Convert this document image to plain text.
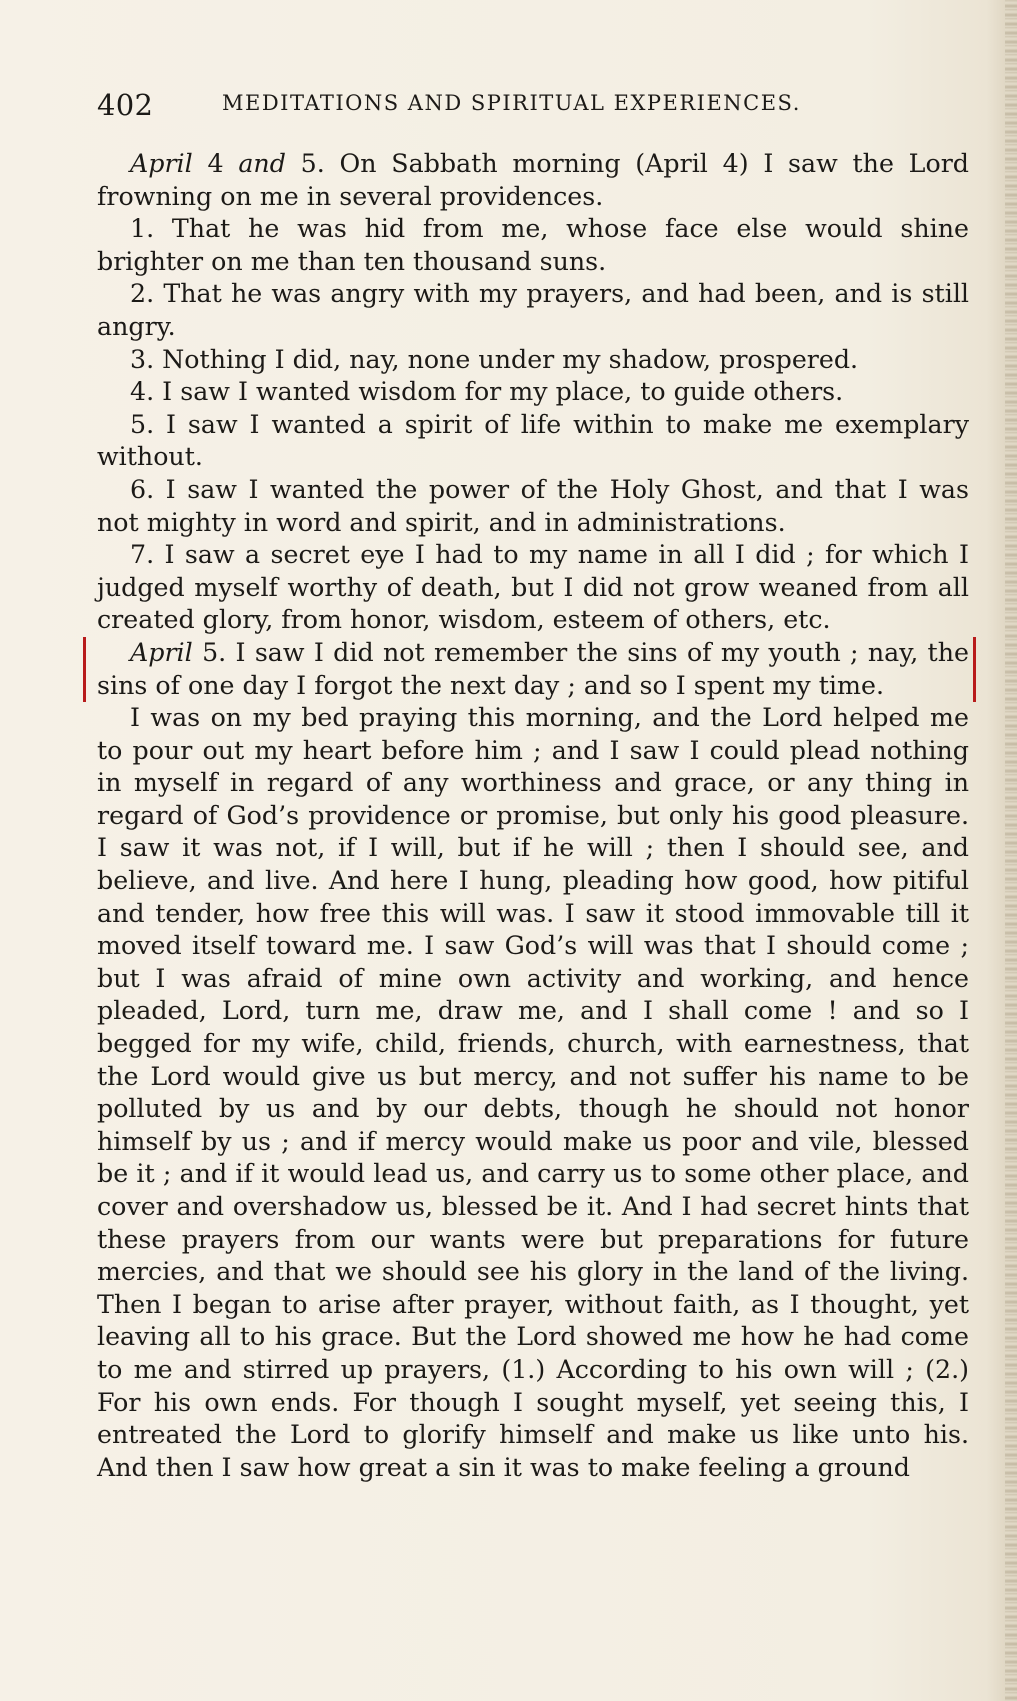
402	MEDITATIONS AND SPIRITUAL EXPERIENCES.

April 4 and 5. On Sabbath morning (April 4) I saw the Lord frowning on me in several providences.

1. That he was hid from me, whose face else would shine brighter on me than ten thousand suns.

2. That he was angry with my prayers, and had been, and is still angry.

3. Nothing I did, nay, none under my shadow, prospered.

4. I saw I wanted wisdom for my place, to guide others.

5. I saw I wanted a spirit of life within to make me exemplary without.

6. I saw I wanted the power of the Holy Ghost, and that I was not mighty in word and spirit, and in administrations.

7. I saw a secret eye I had to my name in all I did ; for which I judged myself worthy of death, but I did not grow weaned from all created glory, from honor, wisdom, esteem of others, etc.

April 5. I saw I did not remember the sins of my youth ; nay, the sins of one day I forgot the next day ; and so I spent my time.

I was on my bed praying this morning, and the Lord helped me to pour out my heart before him ; and I saw I could plead nothing in myself in regard of any worthiness and grace, or any thing in regard of God’s providence or promise, but only his good pleasure. I saw it was not, if I will, but if he will ; then I should see, and believe, and live. And here I hung, pleading how good, how pitiful and tender, how free this will was. I saw it stood immovable till it moved itself toward me. I saw God’s will was that I should come ; but I was afraid of mine own activity and working, and hence pleaded, Lord, turn me, draw me, and I shall come ! and so I begged for my wife, child, friends, church, with earnestness, that the Lord would give us but mercy, and not suffer his name to be polluted by us and by our debts, though he should not honor himself by us ; and if mercy would make us poor and vile, blessed be it ; and if it would lead us, and carry us to some other place, and cover and overshadow us, blessed be it. And I had secret hints that these prayers from our wants were but preparations for future mercies, and that we should see his glory in the land of the living. Then I began to arise after prayer, without faith, as I thought, yet leaving all to his grace. But the Lord showed me how he had come to me and stirred up prayers, (1.) According to his own will ; (2.) For his own ends. For though I sought myself, yet seeing this, I entreated the Lord to glorify himself and make us like unto his. And then I saw how great a sin it was to make feeling a ground
